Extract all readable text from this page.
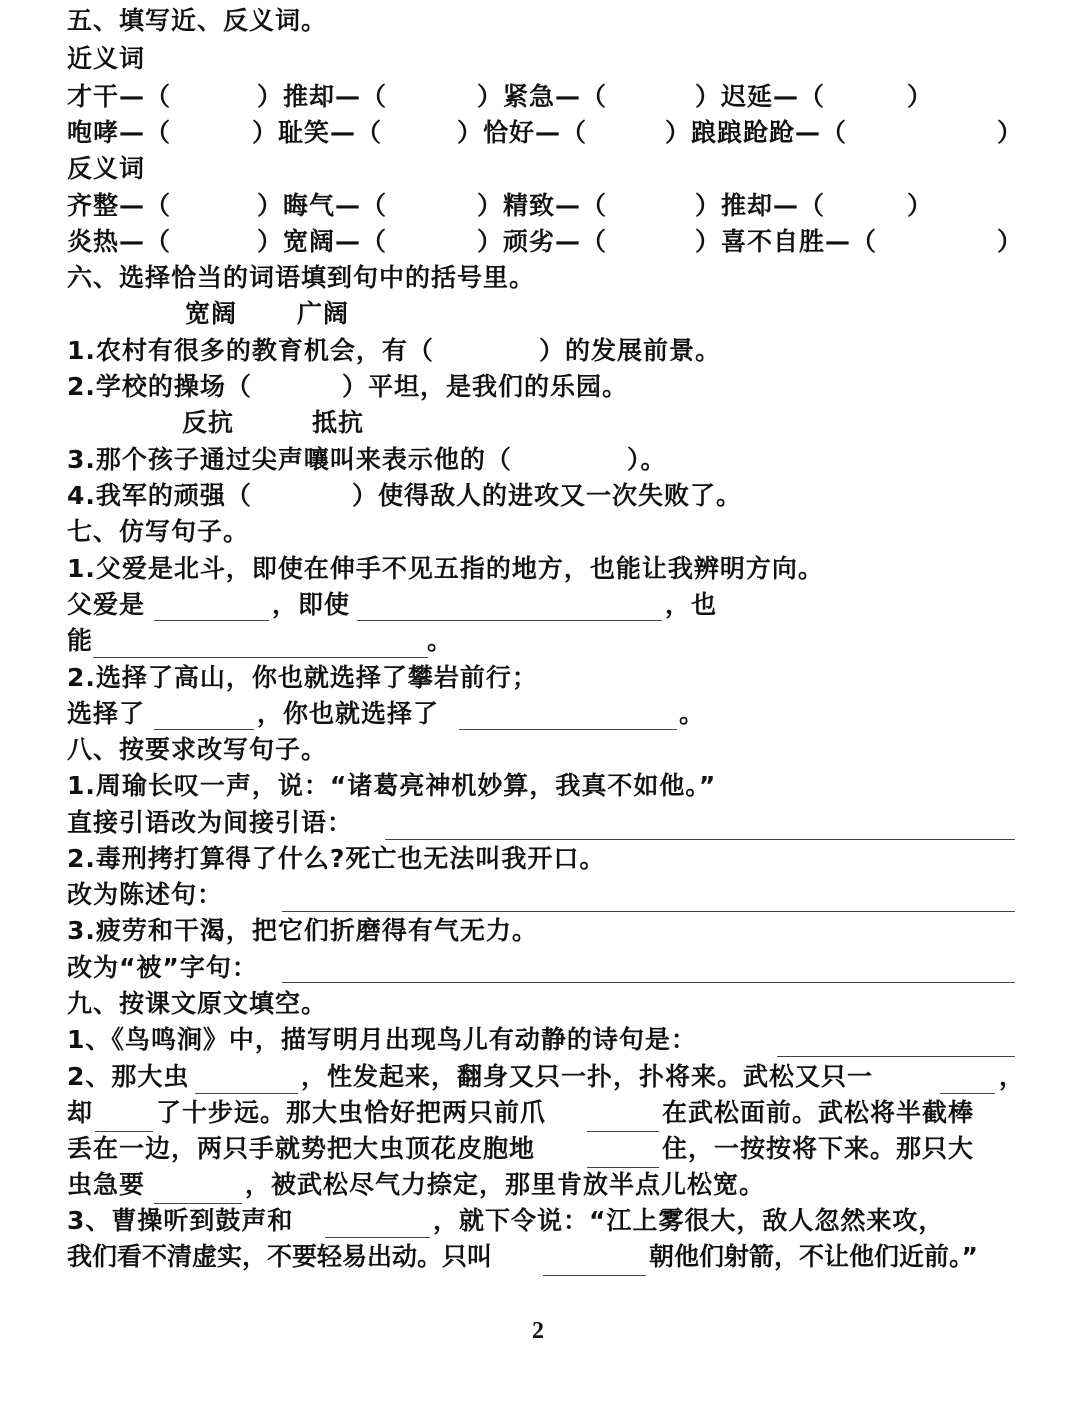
五、填写近、反义词。
近义词
才干—（	）推却—（	）紧急—（	）迟延—（	）
咆哮—（	）耻笑—（	）恰好—（	）踉踉跄跄—（	）
反义词
齐整—（	）晦气—（	）精致—（	）推却—（	）
炎热—（	）宽阔—（	）顽劣—（	）喜不自胜—（	）
六、选择恰当的词语填到句中的括号里。
宽阔 广阔
1.农村有很多的教育机会，有（	）的发展前景。
2.学校的操场（	）平坦，是我们的乐园。
反抗	抵抗
3.那个孩子通过尖声嚷叫来表示他的（	）。
4.我军的顽强（	）使得敌人的进攻又一次失败了。
七、仿写句子。
1.父爱是北斗，即使在伸手不见五指的地方，也能让我辨明方向。
父爱是	，即使	，也
能	。
2.选择了高山，你也就选择了攀岩前行；
选择了	，你也就选择了	。
八、按要求改写句子。
1.周瑜长叹一声，说：“诸葛亮神机妙算，我真不如他。”
直接引语改为间接引语：
2.毒刑拷打算得了什么?死亡也无法叫我开口。
改为陈述句：
3.疲劳和干渴，把它们折磨得有气无力。
改为“被”字句：
九、按课文原文填空。
1、《鸟鸣涧》中，描写明月出现鸟儿有动静的诗句是：
2、那大虫	，性发起来，翻身又只一扑，扑将来。武松又只一	，
却	了十步远。那大虫恰好把两只前爪	在武松面前。武松将半截棒
丢在一边，两只手就势把大虫顶花皮胞地	住，一按按将下来。那只大
虫急要	，被武松尽气力捺定，那里肯放半点儿松宽。
3、曹操听到鼓声和	，就下令说：“江上雾很大，敌人忽然来攻，
我们看不清虚实，不要轻易出动。只叫	朝他们射箭，不让他们近前。”
2
